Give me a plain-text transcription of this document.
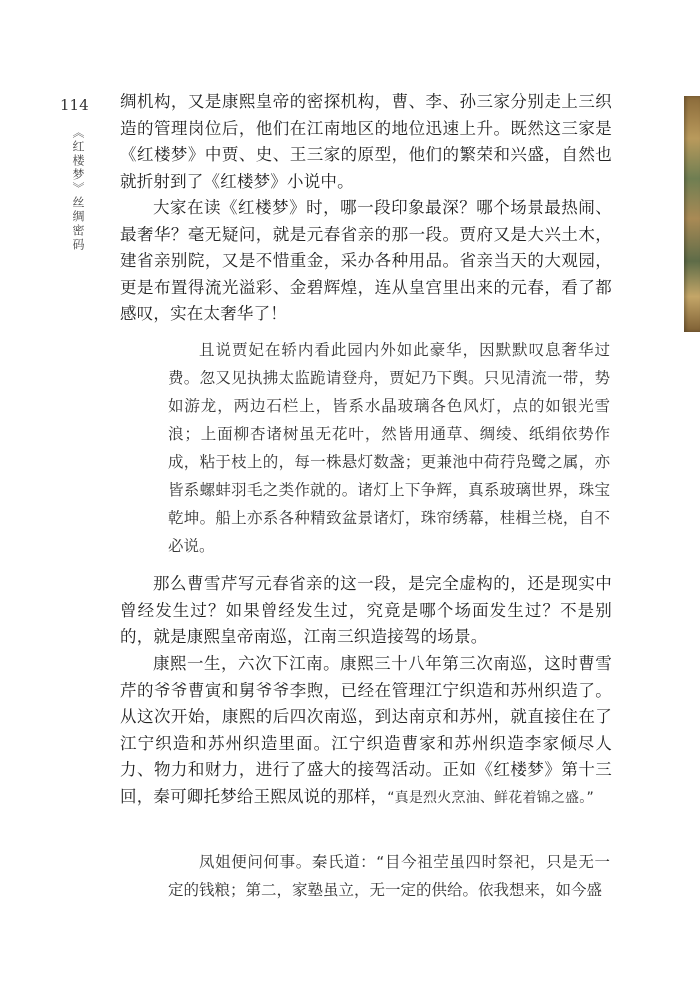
114
《红楼梦》丝绸密码

绸机构，又是康熙皇帝的密探机构，曹、李、孙三家分别走上三织造的管理岗位后，他们在江南地区的地位迅速上升。既然这三家是《红楼梦》中贾、史、王三家的原型，他们的繁荣和兴盛，自然也就折射到了《红楼梦》小说中。

大家在读《红楼梦》时，哪一段印象最深？哪个场景最热闹、最奢华？毫无疑问，就是元春省亲的那一段。贾府又是大兴土木，建省亲别院，又是不惜重金，采办各种用品。省亲当天的大观园，更是布置得流光溢彩、金碧辉煌，连从皇宫里出来的元春，看了都感叹，实在太奢华了！

且说贾妃在轿内看此园内外如此豪华，因默默叹息奢华过费。忽又见执拂太监跪请登舟，贾妃乃下舆。只见清流一带，势如游龙，两边石栏上，皆系水晶玻璃各色风灯，点的如银光雪浪；上面柳杏诸树虽无花叶，然皆用通草、绸绫、纸绢依势作成，粘于枝上的，每一株悬灯数盏；更兼池中荷荇凫鹭之属，亦皆系螺蚌羽毛之类作就的。诸灯上下争辉，真系玻璃世界，珠宝乾坤。船上亦系各种精致盆景诸灯，珠帘绣幕，桂楫兰桡，自不必说。

那么曹雪芹写元春省亲的这一段，是完全虚构的，还是现实中曾经发生过？如果曾经发生过，究竟是哪个场面发生过？不是别的，就是康熙皇帝南巡，江南三织造接驾的场景。

康熙一生，六次下江南。康熙三十八年第三次南巡，这时曹雪芹的爷爷曹寅和舅爷爷李煦，已经在管理江宁织造和苏州织造了。从这次开始，康熙的后四次南巡，到达南京和苏州，就直接住在了江宁织造和苏州织造里面。江宁织造曹家和苏州织造李家倾尽人力、物力和财力，进行了盛大的接驾活动。正如《红楼梦》第十三回，秦可卿托梦给王熙凤说的那样，“真是烈火烹油、鲜花着锦之盛。”

凤姐便问何事。秦氏道：“目今祖茔虽四时祭祀，只是无一定的钱粮；第二，家塾虽立，无一定的供给。依我想来，如今盛
